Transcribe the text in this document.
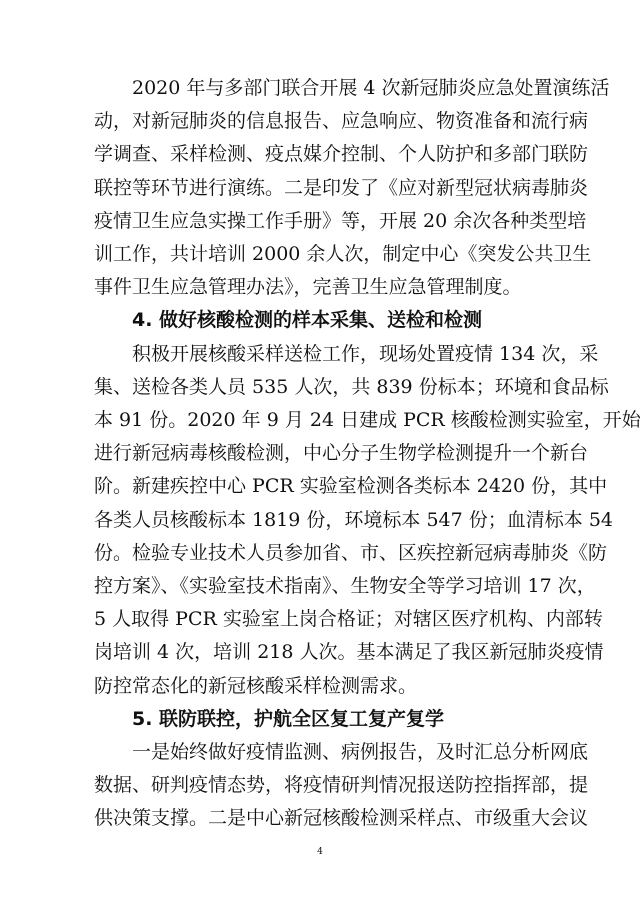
　　2020 年与多部门联合开展 4 次新冠肺炎应急处置演练活
动，对新冠肺炎的信息报告、应急响应、物资准备和流行病
学调查、采样检测、疫点媒介控制、个人防护和多部门联防
联控等环节进行演练。二是印发了《应对新型冠状病毒肺炎
疫情卫生应急实操工作手册》等，开展 20 余次各种类型培
训工作，共计培训 2000 余人次，制定中心《突发公共卫生
事件卫生应急管理办法》，完善卫生应急管理制度。
　　4. 做好核酸检测的样本采集、送检和检测
　　积极开展核酸采样送检工作，现场处置疫情 134 次，采
集、送检各类人员 535 人次，共 839 份标本；环境和食品标
本 91 份。2020 年 9 月 24 日建成 PCR 核酸检测实验室，开始
进行新冠病毒核酸检测，中心分子生物学检测提升一个新台
阶。新建疾控中心 PCR 实验室检测各类标本 2420 份，其中
各类人员核酸标本 1819 份，环境标本 547 份；血清标本 54
份。检验专业技术人员参加省、市、区疾控新冠病毒肺炎《防
控方案》、《实验室技术指南》、生物安全等学习培训 17 次，
5 人取得 PCR 实验室上岗合格证；对辖区医疗机构、内部转
岗培训 4 次，培训 218 人次。基本满足了我区新冠肺炎疫情
防控常态化的新冠核酸采样检测需求。
　　5. 联防联控，护航全区复工复产复学
　　一是始终做好疫情监测、病例报告，及时汇总分析网底
数据、研判疫情态势，将疫情研判情况报送防控指挥部，提
供决策支撑。二是中心新冠核酸检测采样点、市级重大会议
4
